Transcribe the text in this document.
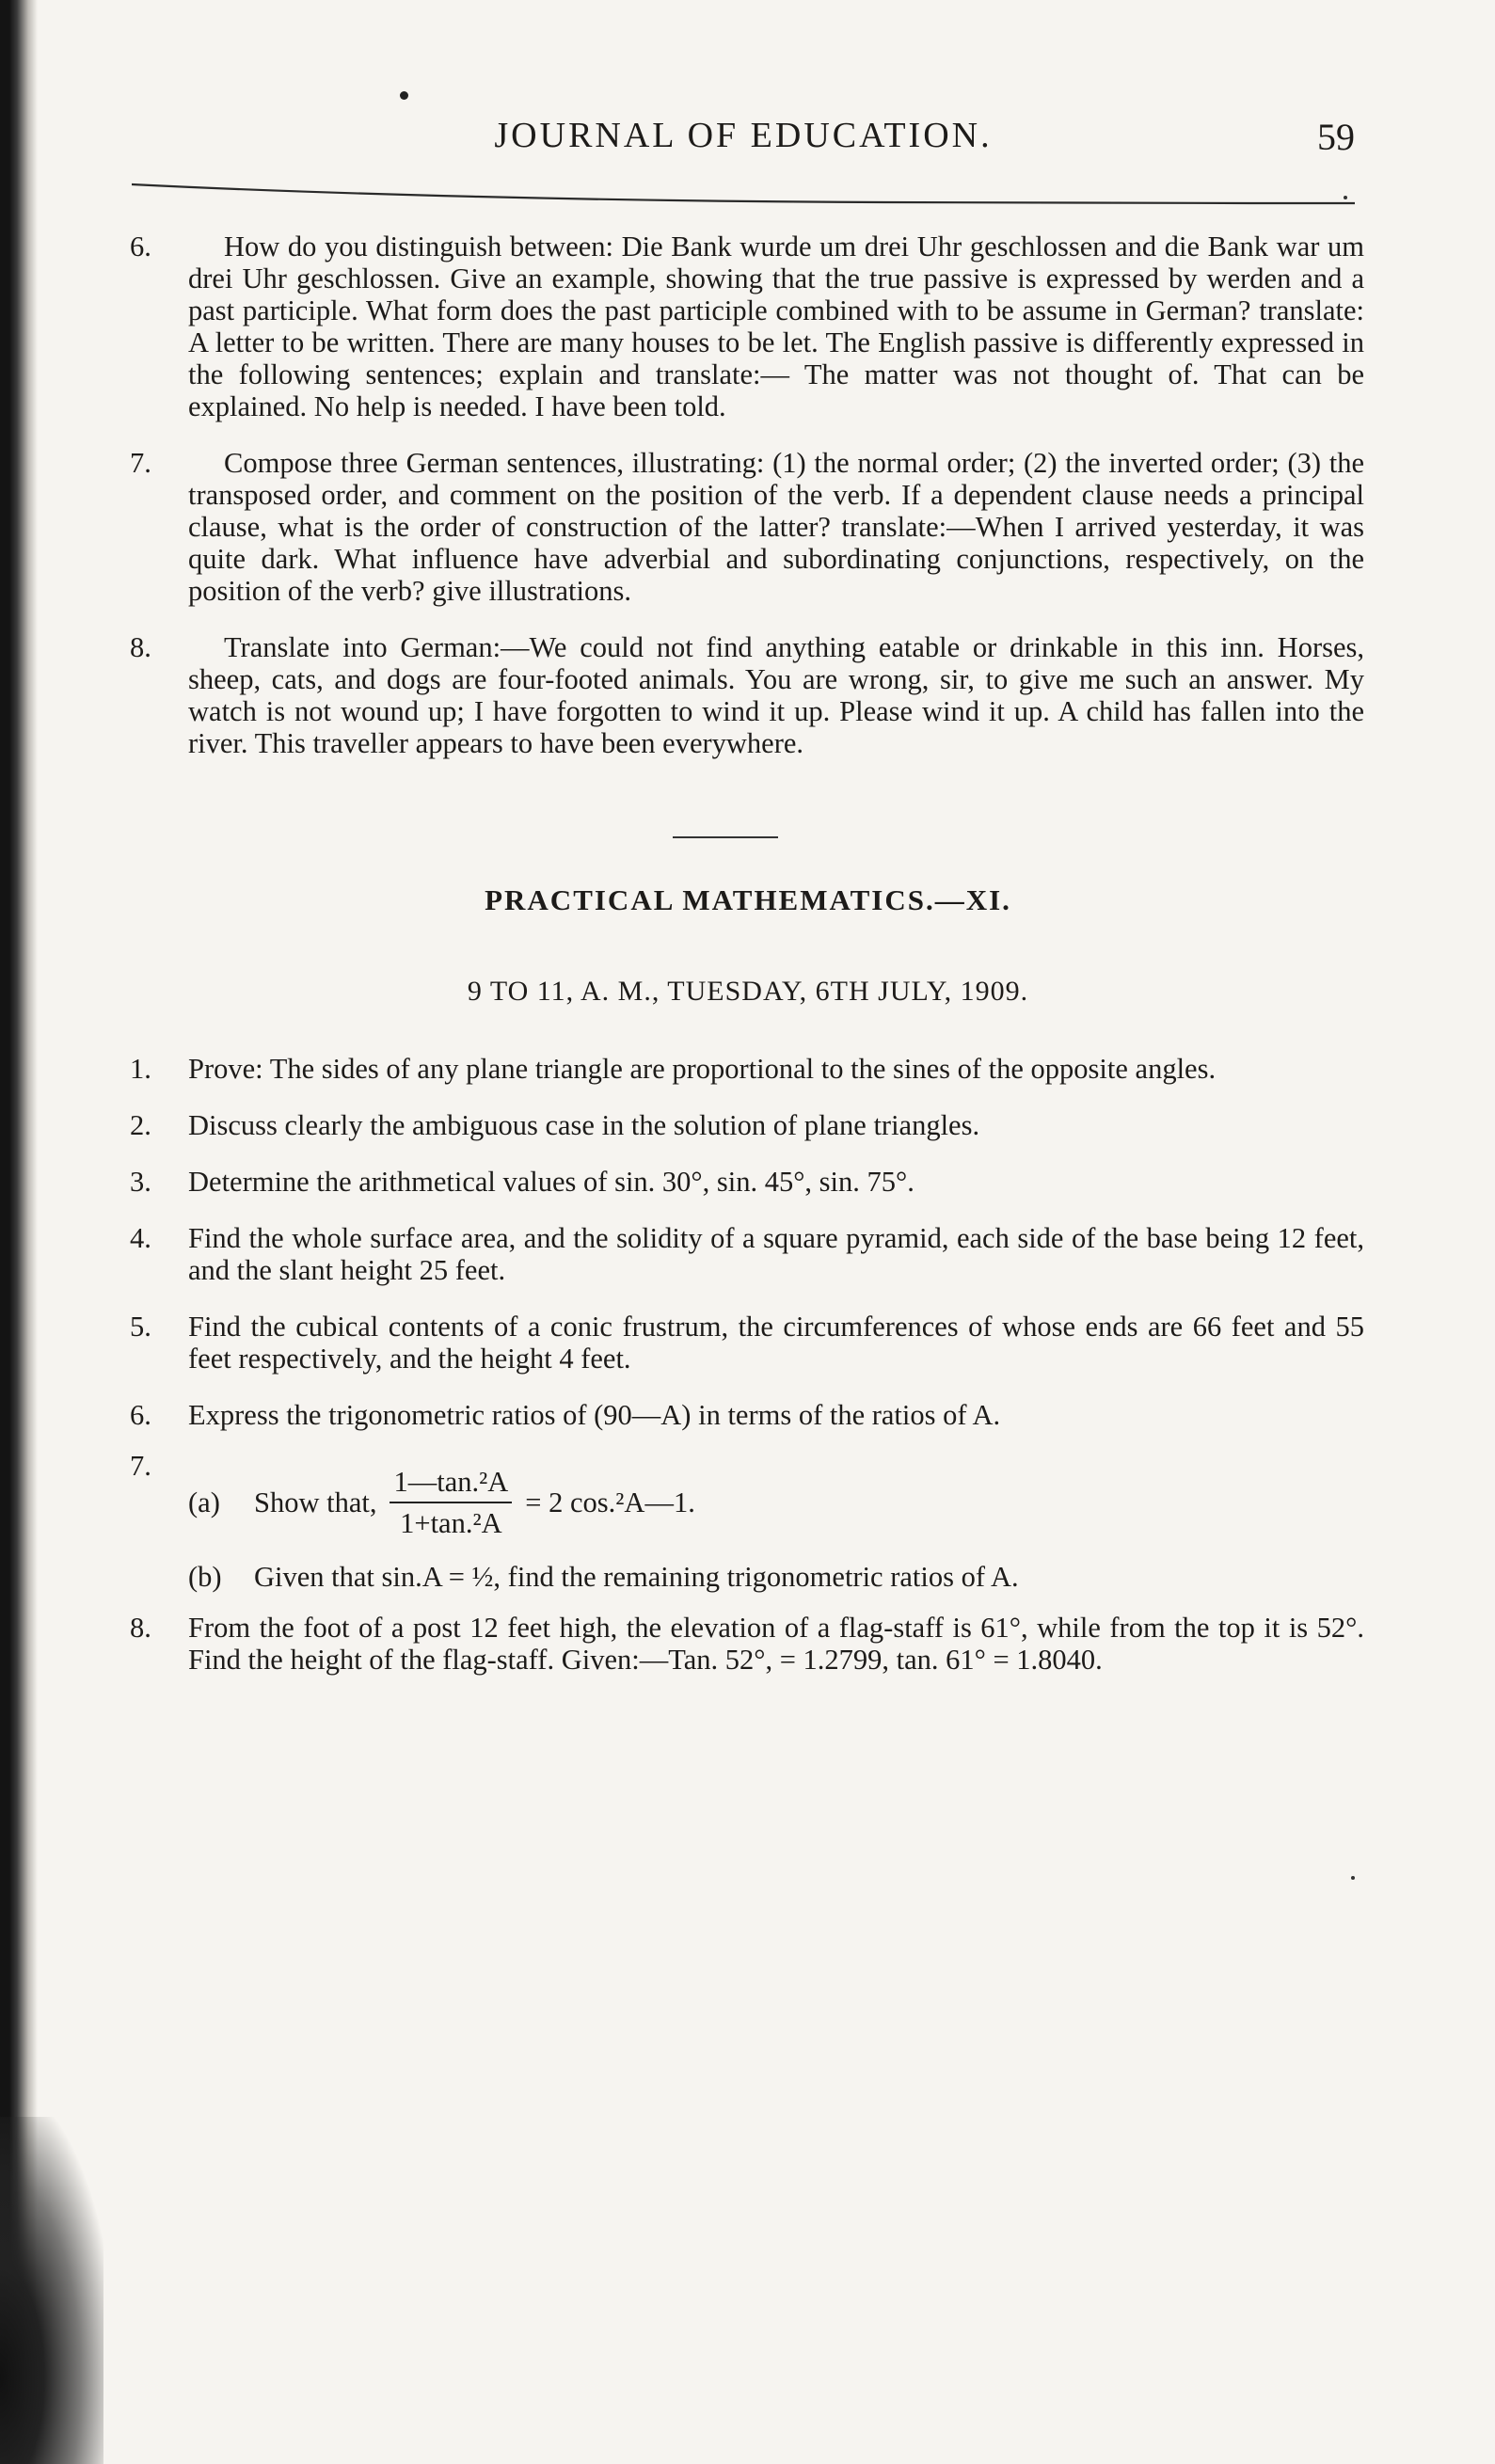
JOURNAL OF EDUCATION.	59
6.	How do you distinguish between: Die Bank wurde um drei Uhr geschlossen and die Bank war um drei Uhr geschlossen. Give an example, showing that the true passive is expressed by werden and a past participle. What form does the past participle combined with to be assume in German? translate: A letter to be written. There are many houses to be let. The English passive is differently expressed in the following sentences; explain and translate:— The matter was not thought of. That can be explained. No help is needed. I have been told.
7.	Compose three German sentences, illustrating: (1) the normal order; (2) the inverted order; (3) the transposed order, and comment on the position of the verb. If a dependent clause needs a principal clause, what is the order of construction of the latter? translate:—When I arrived yesterday, it was quite dark. What influence have adverbial and subordinating conjunctions, respectively, on the position of the verb? give illustrations.
8.	Translate into German:—We could not find anything eatable or drinkable in this inn. Horses, sheep, cats, and dogs are four-footed animals. You are wrong, sir, to give me such an answer. My watch is not wound up; I have forgotten to wind it up. Please wind it up. A child has fallen into the river. This traveller appears to have been everywhere.
PRACTICAL MATHEMATICS.—XI.
9 TO 11, A. M., TUESDAY, 6TH JULY, 1909.
1. Prove: The sides of any plane triangle are proportional to the sines of the opposite angles.
2. Discuss clearly the ambiguous case in the solution of plane triangles.
3. Determine the arithmetical values of sin. 30°, sin. 45°, sin. 75°.
4. Find the whole surface area, and the solidity of a square pyramid, each side of the base being 12 feet, and the slant height 25 feet.
5. Find the cubical contents of a conic frustrum, the circumferences of whose ends are 66 feet and 55 feet respectively, and the height 4 feet.
6. Express the trigonometric ratios of (90—A) in terms of the ratios of A.
7.
(a)	Show that, $\frac{\text{1—tan.²A}}{\text{1+tan.²A}} = 2$ cos.²A—1.
(b)	Given that sin.A = ½, find the remaining trigonometric ratios of A.
8. From the foot of a post 12 feet high, the elevation of a flag-staff is 61°, while from the top it is 52°. Find the height of the flag-staff. Given:—Tan. 52°, = 1.2799, tan. 61° = 1.8040.
